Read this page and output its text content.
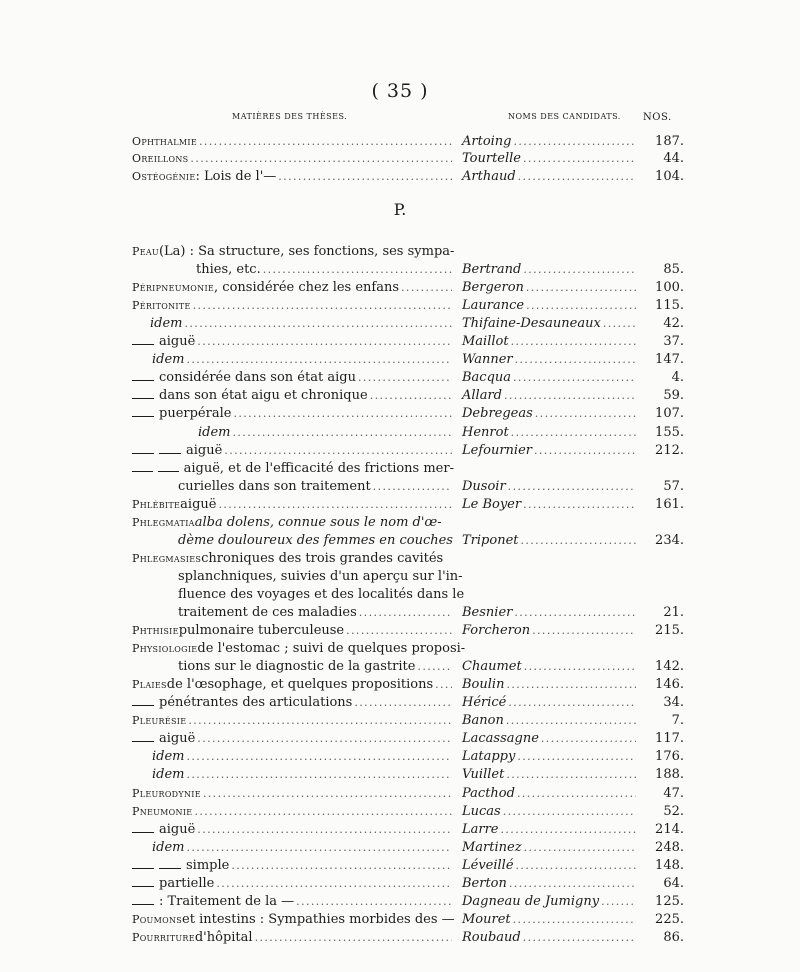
( 35 )
MATIÈRES DES THÈSES.	NOMS DES CANDIDATS. NOS.
P.
Ophthalmie .....	Artoing .....	187.
Oreillons .....	Tourtelle .....	44.
Ostéogénie : Lois de l'— .....	Arthaud .....	104.
Peau (La) : Sa structure, ses fonctions, ses sympa-
thies, etc. .....	Bertrand .....	85.
Péripneumonie , considérée chez les enfans .....	Bergeron .....	100.
Péritonite .....	Laurance .....	115.
idem .....	Thifaine-Desauneaux .....	42.
aiguë .....	Maillot .....	37.
idem .....	Wanner .....	147.
considérée dans son état aigu .....	Bacqua .....	4.
dans son état aigu et chronique .....	Allard .....	59.
puerpérale .....	Debregeas .....	107.
idem .....	Henrot .....	155.
aiguë .....	Lefournier .....	212.
aiguë, et de l'efficacité des frictions mer-
curielles dans son traitement .....	Dusoir .....	57.
Phlébite aiguë .....	Le Boyer .....	161.
Phlegmatia alba dolens, connue sous le nom d'œ-
dème douloureux des femmes en couches Triponet .....	234.
Phlegmasies chroniques des trois grandes cavités
splanchniques, suivies d'un aperçu sur l'in-
fluence des voyages et des localités dans le
traitement de ces maladies .....	Besnier .....	21.
Phthisie pulmonaire tuberculeuse .....	Forcheron .....	215.
Physiologie de l'estomac ; suivi de quelques proposi-
tions sur le diagnostic de la gastrite .....	Chaumet .....	142.
Plaies de l'œsophage, et quelques propositions ..... Boulin .....	146.
pénétrantes des articulations .....	Héricé .....	34.
Pleurésie .....	Banon .....	7.
aiguë .....	Lacassagne .....	117.
idem .....	Latappy .....	176.
idem .....	Vuillet .....	188.
Pleurodynie .....	Pacthod .....	47.
Pneumonie .....	Lucas .....	52.
aiguë .....	Larre .....	214.
idem .....	Martinez .....	248.
simple .....	Léveillé .....	148.
partielle .....	Berton .....	64.
: Traitement de la — .....	Dagneau de Jumigny .....	125.
Poumons et intestins : Sympathies morbides des — Mouret .....	225.
Pourriture d'hôpital .....	Roubaud .....	86.
